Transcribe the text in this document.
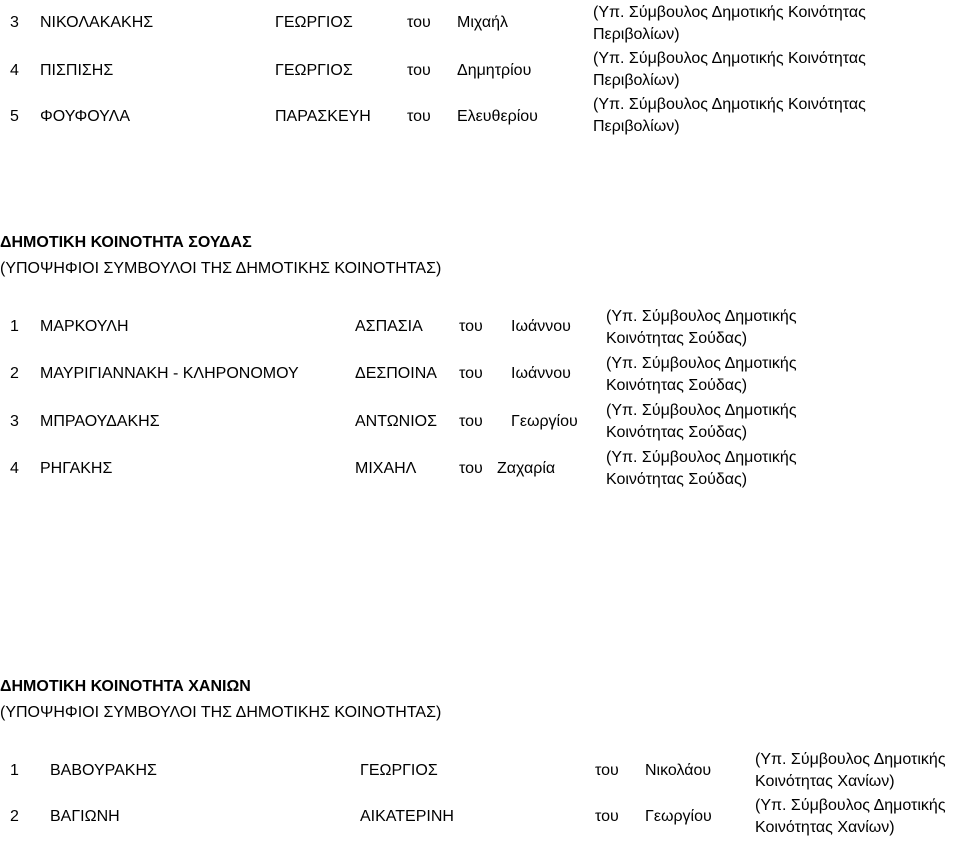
3 ΝΙΚΟΛΑΚΑΚΗΣ	ΓΕΩΡΓΙΟΣ	του Μιχαήλ
(Υπ. Σύμβουλος Δημοτικής Κοινότητας
Περιβολίων)
4 ΠΙΣΠΙΣΗΣ	ΓΕΩΡΓΙΟΣ	του Δημητρίου
(Υπ. Σύμβουλος Δημοτικής Κοινότητας
Περιβολίων)
5 ΦΟΥΦΟΥΛΑ	ΠΑΡΑΣΚΕΥΗ του Ελευθερίου
(Υπ. Σύμβουλος Δημοτικής Κοινότητας
Περιβολίων)
ΔΗΜΟΤΙΚΗ ΚΟΙΝΟΤΗΤΑ ΣΟΥΔΑΣ
(ΥΠΟΨΗΦΙΟΙ ΣΥΜΒΟΥΛΟΙ ΤΗΣ ΔΗΜΟΤΙΚΗΣ ΚΟΙΝΟΤΗΤΑΣ)
1 ΜΑΡΚΟΥΛΗ	ΑΣΠΑΣΙΑ του Ιωάννου
(Υπ. Σύμβουλος Δημοτικής
Κοινότητας Σούδας)
2 ΜΑΥΡΙΓΙΑΝΝΑΚΗ - ΚΛΗΡΟΝΟΜΟΥ	ΔΕΣΠΟΙΝΑ του Ιωάννου
(Υπ. Σύμβουλος Δημοτικής
Κοινότητας Σούδας)
3 ΜΠΡΑΟΥΔΑΚΗΣ	ΑΝΤΩΝΙΟΣ του Γεωργίου
(Υπ. Σύμβουλος Δημοτικής
Κοινότητας Σούδας)
4 ΡΗΓΑΚΗΣ	ΜΙΧΑΗΛ	του Ζαχαρία
(Υπ. Σύμβουλος Δημοτικής
Κοινότητας Σούδας)
ΔΗΜΟΤΙΚΗ ΚΟΙΝΟΤΗΤΑ ΧΑΝΙΩΝ
(ΥΠΟΨΗΦΙΟΙ ΣΥΜΒΟΥΛΟΙ ΤΗΣ ΔΗΜΟΤΙΚΗΣ ΚΟΙΝΟΤΗΤΑΣ)
1 ΒΑΒΟΥΡΑΚΗΣ	ΓΕΩΡΓΙΟΣ	του Νικολάου
(Υπ. Σύμβουλος Δημοτικής
Κοινότητας Χανίων)
2 ΒΑΓΙΩΝΗ	ΑΙΚΑΤΕΡΙΝΗ	του Γεωργίου
(Υπ. Σύμβουλος Δημοτικής
Κοινότητας Χανίων)
